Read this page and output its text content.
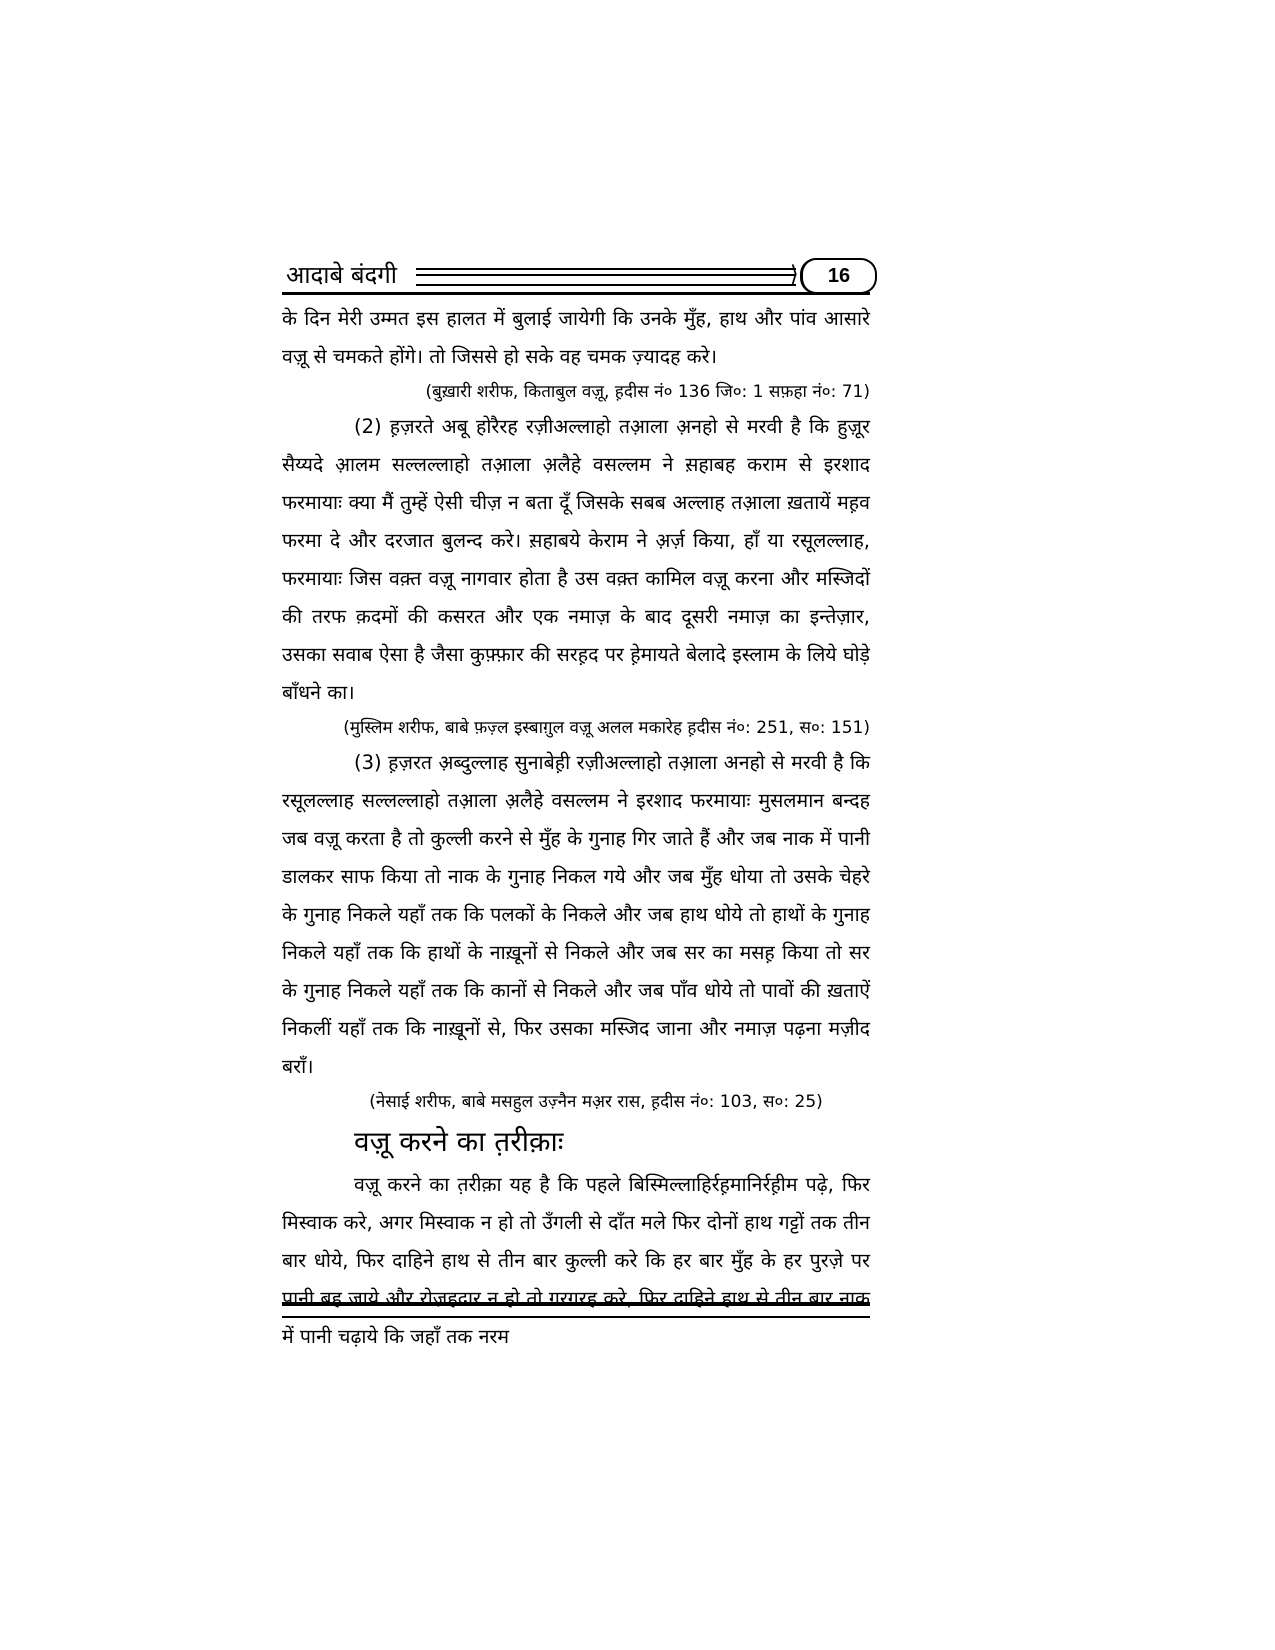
आदाबे बंदगी	⟩	16

के दिन मेरी उम्मत इस हालत में बुलाई जायेगी कि उनके मुँह, हाथ और पांव आसारे वज़ू से चमकते होंगे। तो जिससे हो सके वह चमक ज़्यादह करे।

(बुख़ारी शरीफ, किताबुल वज़ू, ह़दीस नं० 136 जि०: 1 सफ़हा नं०: 71)

(2) ह़ज़रते अबू होरैरह रज़ीअल्लाहो तआ़ला अ़नहो से मरवी है कि हुज़ूर सैय्यदे आ़लम सल्लल्लाहो तआ़ला अ़लैहे वसल्लम ने स़हाबह कराम से इरशाद फरमायाः क्या मैं तुम्हें ऐसी चीज़ न बता दूँ जिसके सबब अल्लाह तआ़ला ख़तायें मह़व फरमा दे और दरजात बुलन्द करे। स़हाबये केराम ने अ़र्ज़ किया, हाँ या रसूलल्लाह, फरमायाः जिस वक़्त वज़ू नागवार होता है उस वक़्त कामिल वज़ू करना और मस्जिदों की तरफ क़दमों की कसरत और एक नमाज़ के बाद दूसरी नमाज़ का इन्तेज़ार, उसका सवाब ऐसा है जैसा कुफ़्फ़ार की सरह़द पर ह़ेमायते बेलादे इस्लाम के लिये घोड़े बाँधने का।

(मुस्लिम शरीफ, बाबे फ़ज़्ल इस्बाग़ुल वज़ू अलल मकारेह ह़दीस नं०: 251, स०: 151)

(3) ह़ज़रत अ़ब्दुल्लाह सुनाबेह़ी रज़ीअल्लाहो तआ़ला अनहो से मरवी है कि रसूलल्लाह सल्लल्लाहो तआ़ला अ़लैहे वसल्लम ने इरशाद फरमायाः मुसलमान बन्दह जब वज़ू करता है तो कुल्ली करने से मुँह के गुनाह गिर जाते हैं और जब नाक में पानी डालकर साफ किया तो नाक के गुनाह निकल गये और जब मुँह धोया तो उसके चेहरे के गुनाह निकले यहाँ तक कि पलकों के निकले और जब हाथ धोये तो हाथों के गुनाह निकले यहाँ तक कि हाथों के नाख़ूनों से निकले और जब सर का मसह़ किया तो सर के गुनाह निकले यहाँ तक कि कानों से निकले और जब पाँव धोये तो पावों की ख़ताऐं निकलीं यहाँ तक कि नाख़ूनों से, फिर उसका मस्जिद जाना और नमाज़ पढ़ना मज़ीद बराँ।

(नेसाई शरीफ, बाबे मसहुल उज़्नैन मअ़र रास, ह़दीस नं०: 103, स०: 25)

वज़ू करने का त़रीक़ाः

वज़ू करने का त़रीक़ा यह है कि पहले बिस्मिल्लाहिर्रह़मानिर्रह़ीम पढ़े, फिर मिस्वाक करे, अगर मिस्वाक न हो तो उँगली से दाँत मले फिर दोनों हाथ गट्टों तक तीन बार धोये, फिर दाहिने हाथ से तीन बार कुल्ली करे कि हर बार मुँह के हर पुरज़े पर पानी बह जाये और रोज़हदार न हो तो ग़रग़रह करे, फिर दाहिने हाथ से तीन बार नाक में पानी चढ़ाये कि जहाँ तक नरम
